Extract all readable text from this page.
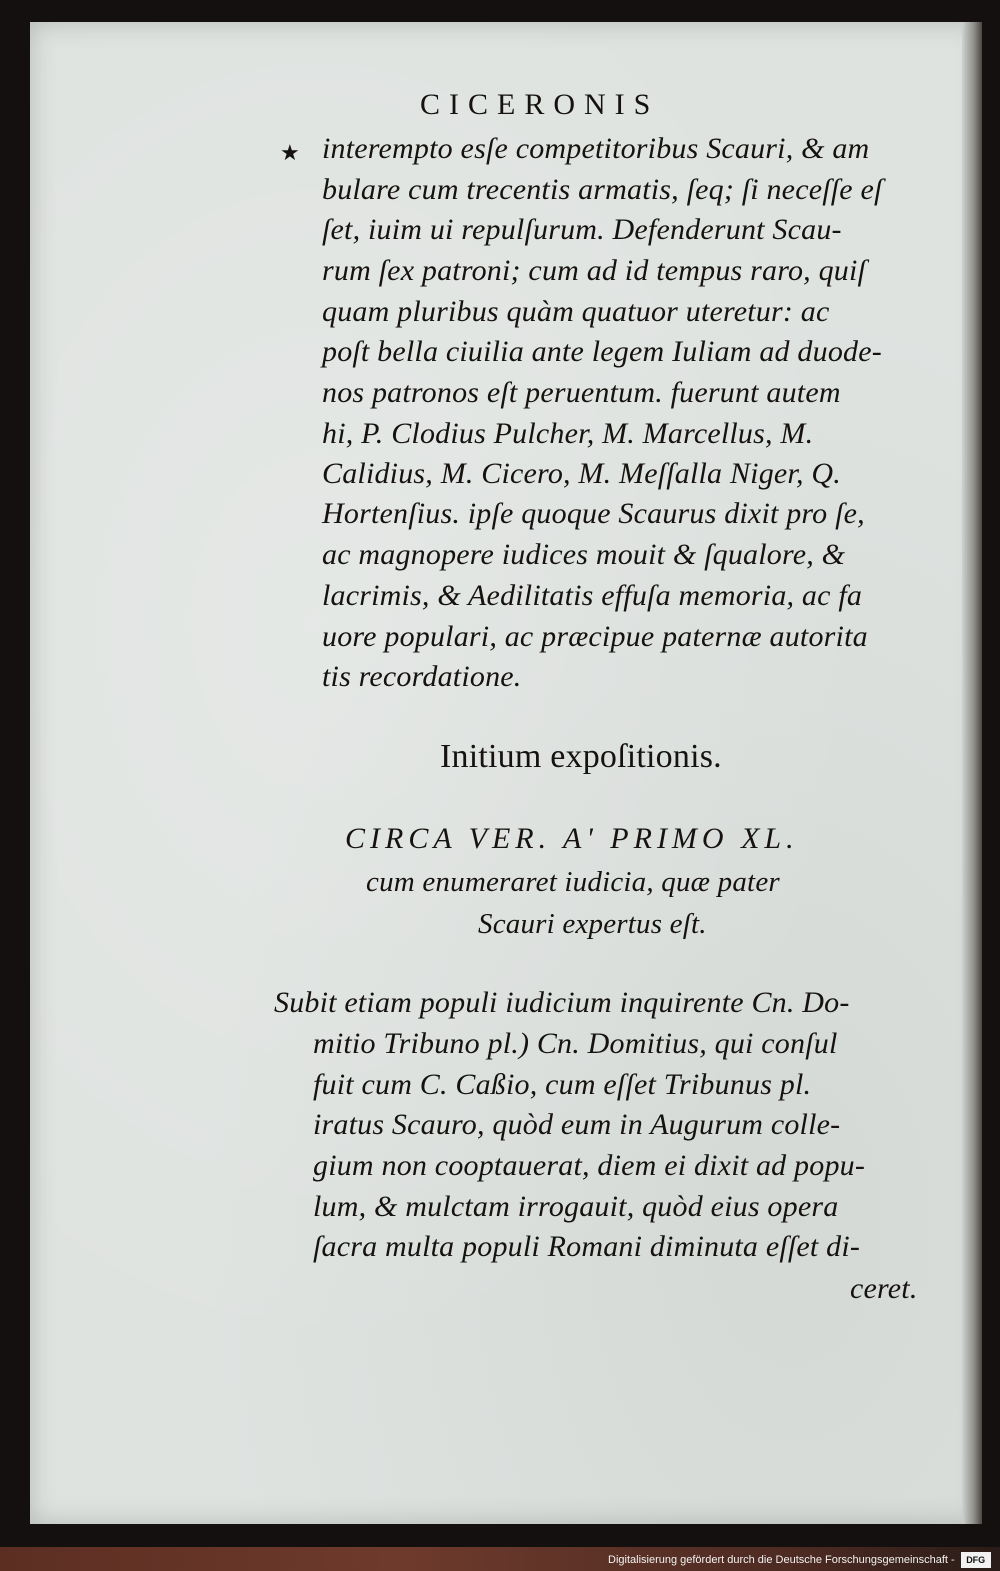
CICERONIS
★ interempto esſe competitoribus Scauri, & am
bulare cum trecentis armatis, ſeq; ſi neceſſe eſ
ſet, iuim ui repulſurum. Defenderunt Scau-
rum ſex patroni; cum ad id tempus raro, quiſ
quam pluribus quàm quatuor uteretur: ac
poſt bella ciuilia ante legem Iuliam ad duode-
nos patronos eſt peruentum. fuerunt autem
hi, P. Clodius Pulcher, M. Marcellus, M.
Calidius, M. Cicero, M. Meſſalla Niger, Q.
Hortenſius. ipſe quoque Scaurus dixit pro ſe,
ac magnopere iudices mouit & ſqualore, &
lacrimis, & Aedilitatis effuſa memoria, ac fa
uore populari, ac præcipue paternæ autorita
tis recordatione.
Initium expoſitionis.
CIRCA VER. A' PRIMO XL.
cum enumeraret iudicia, quæ pater
Scauri expertus eſt.
Subit etiam populi iudicium inquirente Cn. Do-
mitio Tribuno pl.) Cn. Domitius, qui conſul
fuit cum C. Caßio, cum eſſet Tribunus pl.
iratus Scauro, quòd eum in Augurum colle-
gium non cooptauerat, diem ei dixit ad popu-
lum, & mulctam irrogauit, quòd eius opera
ſacra multa populi Romani diminuta eſſet di-
ceret.
Digitalisierung gefördert durch die Deutsche Forschungsgemeinschaft -	DFG
